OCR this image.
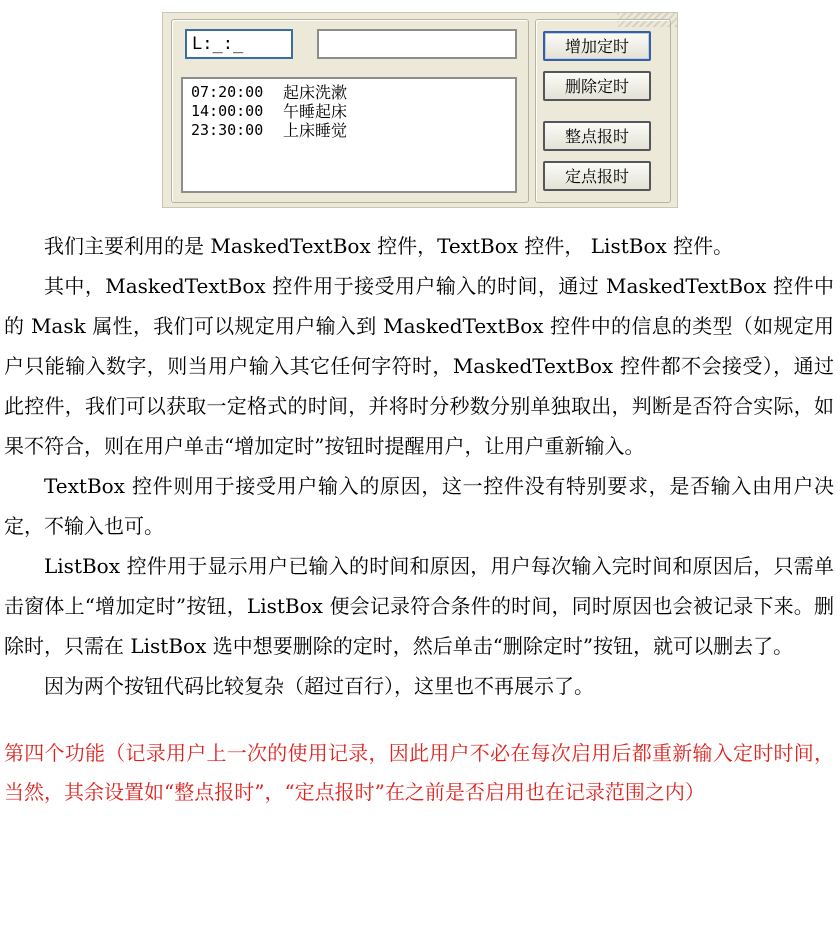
L:_:_
07:20:00	起床洗漱
14:00:00	午睡起床
23:30:00	上床睡觉
增加定时
删除定时
整点报时
定点报时

我们主要利用的是 MaskedTextBox 控件，TextBox 控件， ListBox 控件。

其中，MaskedTextBox 控件用于接受用户输入的时间，通过 MaskedTextBox 控件中的 Mask 属性，我们可以规定用户输入到 MaskedTextBox 控件中的信息的类型（如规定用户只能输入数字，则当用户输入其它任何字符时，MaskedTextBox 控件都不会接受），通过此控件，我们可以获取一定格式的时间，并将时分秒数分别单独取出，判断是否符合实际，如果不符合，则在用户单击“增加定时”按钮时提醒用户，让用户重新输入。

TextBox 控件则用于接受用户输入的原因，这一控件没有特别要求，是否输入由用户决定，不输入也可。

ListBox 控件用于显示用户已输入的时间和原因，用户每次输入完时间和原因后，只需单击窗体上“增加定时”按钮，ListBox 便会记录符合条件的时间，同时原因也会被记录下来。删除时，只需在 ListBox 选中想要删除的定时，然后单击“删除定时”按钮，就可以删去了。

因为两个按钮代码比较复杂（超过百行），这里也不再展示了。

第四个功能（记录用户上一次的使用记录，因此用户不必在每次启用后都重新输入定时时间，当然，其余设置如“整点报时”，“定点报时”在之前是否启用也在记录范围之内）
